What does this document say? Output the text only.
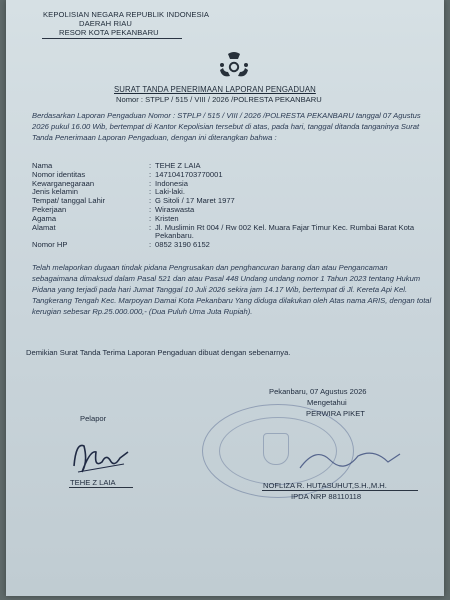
KEPOLISIAN NEGARA REPUBLIK INDONESIA
DAERAH RIAU
RESOR KOTA PEKANBARU
SURAT TANDA PENERIMAAN LAPORAN PENGADUAN
Nomor : STPLP / 515 / VIII / 2026 /POLRESTA PEKANBARU
Berdasarkan Laporan Pengaduan Nomor : STPLP / 515 / VIII / 2026 /POLRESTA PEKANBARU tanggal 07 Agustus 2026 pukul 16.00 Wib, bertempat di Kantor Kepolisian tersebut di atas, pada hari, tanggal ditanda tanganinya Surat Tanda Penerimaan Laporan Pengaduan, dengan ini diterangkan bahwa :
Nama	:	TEHE Z LAIA
Nomor identitas	:	1471041703770001
Kewarganegaraan	:	Indonesia
Jenis kelamin	:	Laki-laki.
Tempat/ tanggal Lahir	:	G Sitoli / 17 Maret 1977
Pekerjaan	:	Wiraswasta
Agama	:	Kristen
Alamat	:	Jl. Muslimin Rt 004 / Rw 002 Kel. Muara Fajar Timur Kec. Rumbai Barat Kota Pekanbaru.
Nomor HP	:	0852 3190 6152
Telah melaporkan dugaan tindak pidana Pengrusakan dan penghancuran barang dan atau Pengancaman sebagaimana dimaksud dalam Pasal 521 dan atau Pasal 448 Undang undang nomor 1 Tahun 2023 tentang Hukum Pidana yang terjadi pada hari Jumat Tanggal 10 Juli 2026 sekira jam 14.17 Wib, bertempat di Jl. Kereta Api Kel. Tangkerang Tengah Kec. Marpoyan Damai Kota Pekanbaru Yang diduga dilakukan oleh Atas nama ARIS, dengan total kerugian sebesar Rp.25.000.000,- (Dua Puluh Uma Juta Rupiah).
Demikian Surat Tanda Terima Laporan Pengaduan dibuat dengan sebenarnya.
Pekanbaru, 07 Agustus 2026
Mengetahui
PERWIRA PIKET
NOFLIZA R. HUTASUHUT,S.H.,M.H.
IPDA NRP 88110118
Pelapor
TEHE Z LAIA
